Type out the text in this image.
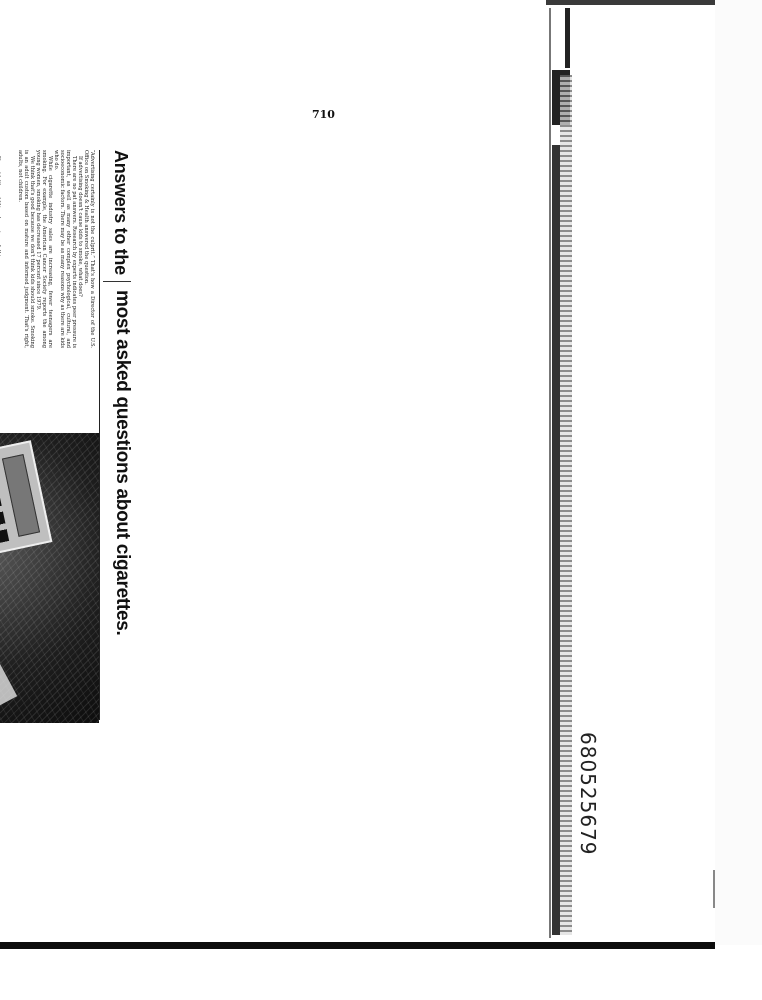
710
680525679
Answers to the
most asked questions about cigarettes.

“Advertising certainly is not the culprit.” That's how a Director of the U.S. Office on Smoking & Health answered the question.

If advertising doesn't cause kids to smoke, what does?

There are no pat answers. Research by experts indicates peer pressure is important, as well as many other complex psychological, cultural, and socioeconomic factors. There may be as many reasons why as there are kids who do.

While cigarette industry sales are increasing, fewer teenagers are smoking. For example, the American Cancer Society reports the among young women, smoking has decreased 17 percent since 1979.

We think that's good because we don't think kids should smoke. Smoking is an adult custom based on mature and informed judgment. That's right, adults, not children.
